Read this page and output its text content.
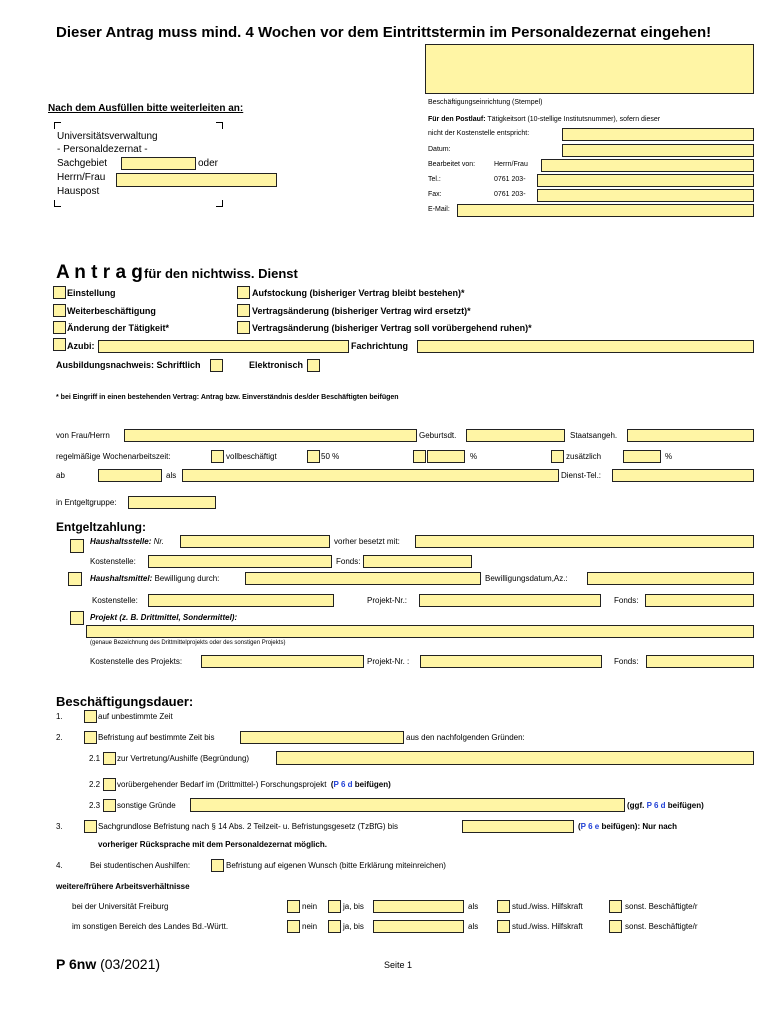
Dieser Antrag muss mind. 4 Wochen vor dem Eintrittstermin im Personaldezernat eingehen!
Nach dem Ausfüllen bitte weiterleiten an:
Universitätsverwaltung
- Personaldezernat -
Sachgebiet	oder
Herrn/Frau
Hauspost
Beschäftigungseinrichtung (Stempel)
Für den Postlauf: Tätigkeitsort (10-stellige Institutsnummer), sofern dieser
nicht der Kostenstelle entspricht:
Datum:
Bearbeitet von:	Herrn/Frau
Tel.:	0761 203-
Fax:	0761 203-
E-Mail:
A n t r a g für den nichtwiss. Dienst
Einstellung
Weiterbeschäftigung
Änderung der Tätigkeit*
Azubi:
Aufstockung (bisheriger Vertrag bleibt bestehen)*
Vertragsänderung (bisheriger Vertrag wird ersetzt)*
Vertragsänderung (bisheriger Vertrag soll vorübergehend ruhen)*
Fachrichtung
Ausbildungsnachweis: Schriftlich	Elektronisch
* bei Eingriff in einen bestehenden Vertrag: Antrag bzw. Einverständnis des/der Beschäftigten beifügen
von Frau/Herrn	Geburtsdt.	Staatsangeh.
regelmäßige Wochenarbeitszeit:	vollbeschäftigt	50 %	%	zusätzlich	%
ab	als	Dienst-Tel.:
in Entgeltgruppe:
Entgeltzahlung:
Haushaltsstelle: Nr.	vorher besetzt mit:
Kostenstelle:	Fonds:
Haushaltsmittel: Bewilligung durch:	Bewilligungsdatum,Az.:
Kostenstelle:	Projekt-Nr.:	Fonds:
Projekt (z. B. Drittmittel, Sondermittel):
(genaue Bezeichnung des Drittmittelprojekts oder des sonstigen Projekts)
Kostenstelle des Projekts:	Projekt-Nr. :	Fonds:
Beschäftigungsdauer:
1.	auf unbestimmte Zeit
2.	Befristung auf bestimmte Zeit bis	aus den nachfolgenden Gründen:
2.1 zur Vertretung/Aushilfe (Begründung)
2.2 vorübergehender Bedarf im (Drittmittel-) Forschungsprojekt (P 6 d beifügen)
2.3 sonstige Gründe	(ggf. P 6 d beifügen)
3.	Sachgrundlose Befristung nach § 14 Abs. 2 Teilzeit- u. Befristungsgesetz (TzBfG) bis	(P 6 e beifügen): Nur nach
vorheriger Rücksprache mit dem Personaldezernat möglich.
4.	Bei studentischen Aushilfen:	Befristung auf eigenen Wunsch (bitte Erklärung miteinreichen)
weitere/frühere Arbeitsverhältnisse
bei der Universität Freiburg	nein	ja, bis	als	stud./wiss. Hilfskraft	sonst. Beschäftigte/r
im sonstigen Bereich des Landes Bd.-Württ.	nein	ja, bis	als	stud./wiss. Hilfskraft	sonst. Beschäftigte/r
P 6nw (03/2021)	Seite 1
